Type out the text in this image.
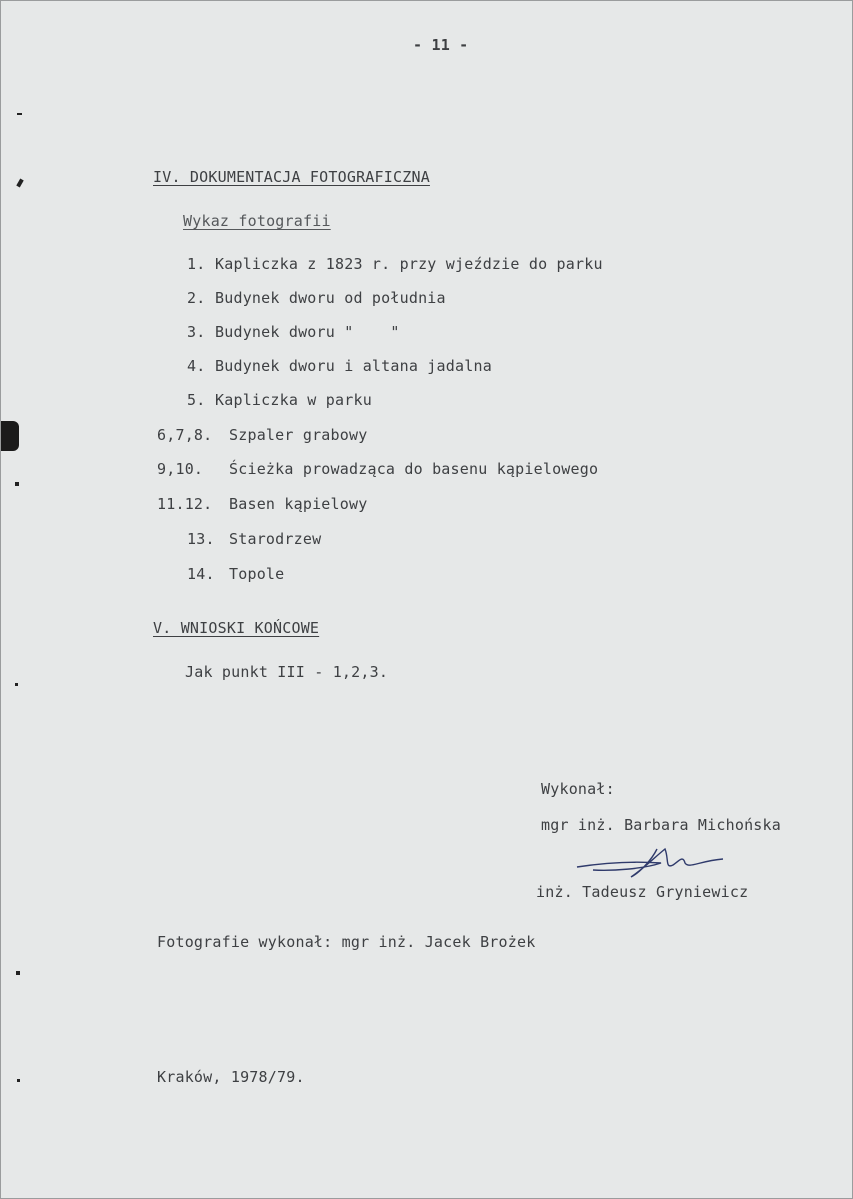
- 11 -
IV. DOKUMENTACJA FOTOGRAFICZNA
Wykaz fotografii
1. Kapliczka z 1823 r. przy wjeździe do parku
2. Budynek dworu od południa
3. Budynek dworu "    "
4. Budynek dworu i altana jadalna
5. Kapliczka w parku
6,7,8. Szpaler grabowy
9,10. Ścieżka prowadząca do basenu kąpielowego
11.12. Basen kąpielowy
13. Starodrzew
14. Topole
V. WNIOSKI KOŃCOWE
Jak punkt III - 1,2,3.
Wykonał:
mgr inż. Barbara Michońska
inż. Tadeusz Gryniewicz
Fotografie wykonał: mgr inż. Jacek Brożek
Kraków, 1978/79.
